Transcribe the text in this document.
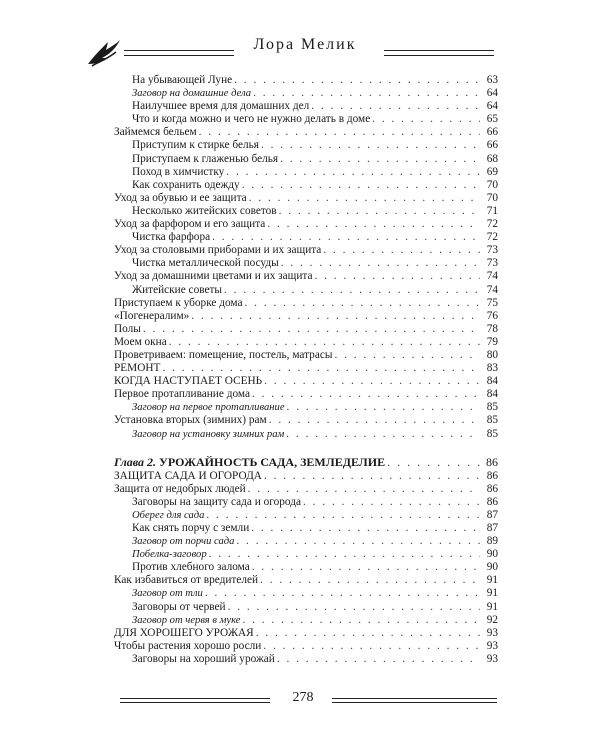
Лора Мелик
На убывающей Луне . . .	63
Заговор на домашние дела . . .	64
Наилучшее время для домашних дел . . .	64
Что и когда можно и чего не нужно делать в доме . . .	65
Займемся бельем . . .	66
Приступим к стирке белья . . .	66
Приступаем к глаженью белья . . .	68
Поход в химчистку . . .	69
Как сохранить одежду . . .	70
Уход за обувью и ее защита . . .	70
Несколько житейских советов . . .	71
Уход за фарфором и его защита . . .	72
Чистка фарфора . . .	72
Уход за столовыми приборами и их защита . . .	73
Чистка металлической посуды . . .	73
Уход за домашними цветами и их защита . . .	74
Житейские советы . . .	74
Приступаем к уборке дома . . .	75
«Погенералим» . . .	76
Полы . . .	78
Моем окна . . .	79
Проветриваем: помещение, постель, матрасы . . .	80
РЕМОНТ . . .	83
КОГДА НАСТУПАЕТ ОСЕНЬ . . .	84
Первое протапливание дома . . .	84
Заговор на первое протапливание . . .	85
Установка вторых (зимних) рам . . .	85
Заговор на установку зимних рам . . .	85
Глава 2. УРОЖАЙНОСТЬ САДА, ЗЕМЛЕДЕЛИЕ . . .	86
ЗАЩИТА САДА И ОГОРОДА . . .	86
Защита от недобрых людей . . .	86
Заговоры на защиту сада и огорода . . .	86
Оберег для сада . . .	87
Как снять порчу с земли . . .	87
Заговор от порчи сада . . .	89
Побелка-заговор . . .	90
Против хлебного залома . . .	90
Как избавиться от вредителей . . .	91
Заговор от тли . . .	91
Заговоры от червей . . .	91
Заговор от червя в муке . . .	92
ДЛЯ ХОРОШЕГО УРОЖАЯ . . .	93
Чтобы растения хорошо росли . . .	93
Заговоры на хороший урожай . . .	93
278
